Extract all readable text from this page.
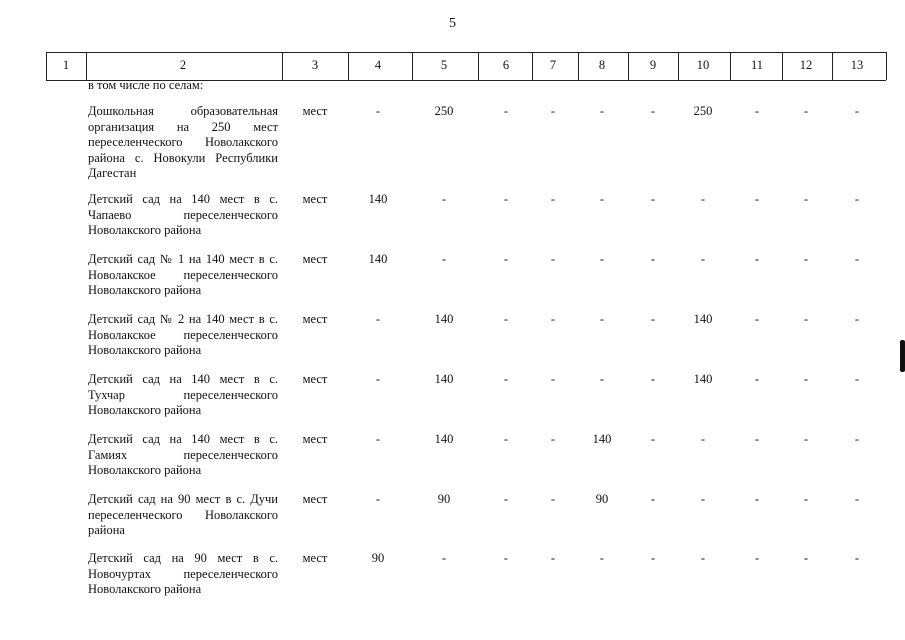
5
1	2	3	4	5	6	7	8	9	10	11	12	13
в том числе по селам:
Дошкольная образовательная организация на 250 мест переселенческого Новолакского района с. Новокули Республики Дагестан
мест	-	250	-	-	-	-	250	-	-	-
Детский сад на 140 мест в с. Чапаево переселенческого Новолакского района
мест	140	-	-	-	-	-	-	-	-	-
Детский сад № 1 на 140 мест в с. Новолакское переселенческого Новолакского района
мест	140	-	-	-	-	-	-	-	-	-
Детский сад № 2 на 140 мест в с. Новолакское переселенческого Новолакского района
мест	-	140	-	-	-	-	140	-	-	-
Детский сад на 140 мест в с. Тухчар переселенческого Новолакского района
мест	-	140	-	-	-	-	140	-	-	-
Детский сад на 140 мест в с. Гамиях переселенческого Новолакского района
мест	-	140	-	-	140	-	-	-	-	-
Детский сад на 90 мест в с. Дучи переселенческого Новолакского района
мест	-	90	-	-	90	-	-	-	-	-
Детский сад на 90 мест в с. Новочуртах переселенческого Новолакского района
мест	90	-	-	-	-	-	-	-	-	-
